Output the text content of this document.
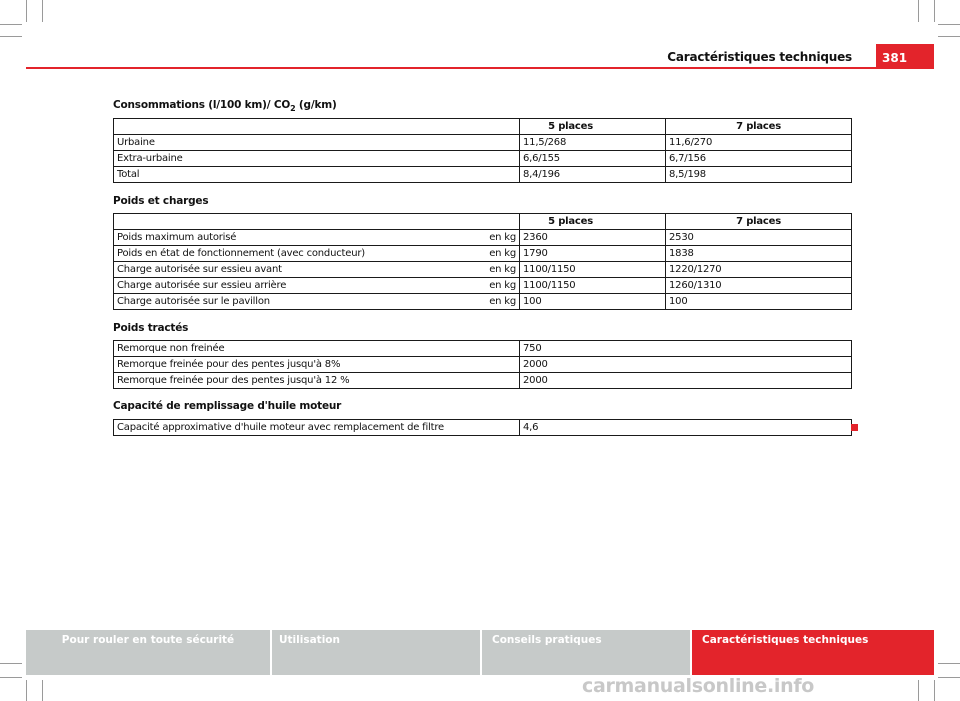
Caractéristiques techniques	381
Consommations (l/100 km)/ $CO_2$ (g/km)
	5 places	7 places
Urbaine	11,5/268	11,6/270
Extra-urbaine	6,6/155	6,7/156
Total	8,4/196	8,5/198
Poids et charges
		5 places	7 places
Poids maximum autorisé	en kg	2360	2530
Poids en état de fonctionnement (avec conducteur)	en kg	1790	1838
Charge autorisée sur essieu avant	en kg	1100/1150	1220/1270
Charge autorisée sur essieu arrière	en kg	1100/1150	1260/1310
Charge autorisée sur le pavillon	en kg	100	100
Poids tractés
Remorque non freinée	750
Remorque freinée pour des pentes jusqu'à 8%	2000
Remorque freinée pour des pentes jusqu'à 12 %	2000
Capacité de remplissage d'huile moteur
Capacité approximative d'huile moteur avec remplacement de filtre	4,6
Pour rouler en toute sécurité	Utilisation	Conseils pratiques	Caractéristiques techniques
carmanualsonline.info
